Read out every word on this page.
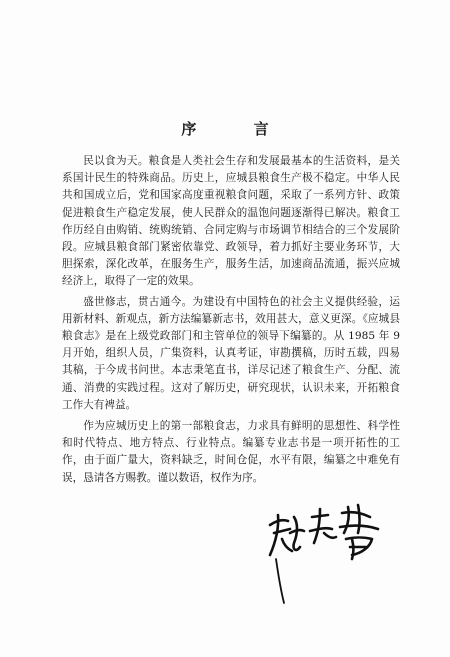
序 言

民以食为天。粮食是人类社会生存和发展最基本的生活资料，是关系国计民生的特殊商品。历史上，应城县粮食生产极不稳定。中华人民共和国成立后，党和国家高度重视粮食问题，采取了一系列方针、政策促进粮食生产稳定发展，使人民群众的温饱问题逐渐得已解决。粮食工作历经自由购销、统购统销、合同定购与市场调节相结合的三个发展阶段。应城县粮食部门紧密依靠党、政领导，着力抓好主要业务环节，大胆探索，深化改革，在服务生产，服务生活，加速商品流通，振兴应城经济上，取得了一定的效果。

盛世修志，贯古通今。为建设有中国特色的社会主义提供经验，运用新材料、新观点，新方法编纂新志书，效用甚大，意义更深。《应城县粮食志》是在上级党政部门和主管单位的领导下编纂的。从 1985 年 9 月开始，组织人员，广集资料，认真考证，审勘撰稿，历时五载，四易其稿，于今成书问世。本志秉笔直书，详尽记述了粮食生产、分配、流通、消费的实践过程。这对了解历史，研究现状，认识未来，开拓粮食工作大有裨益。

作为应城历史上的第一部粮食志，力求具有鲜明的思想性、科学性和时代特点、地方特点、行业特点。编纂专业志书是一项开拓性的工作，由于面广量大，资料缺乏，时间仓促，水平有限，编纂之中难免有误，恳请各方赐教。谨以数语，权作为序。
